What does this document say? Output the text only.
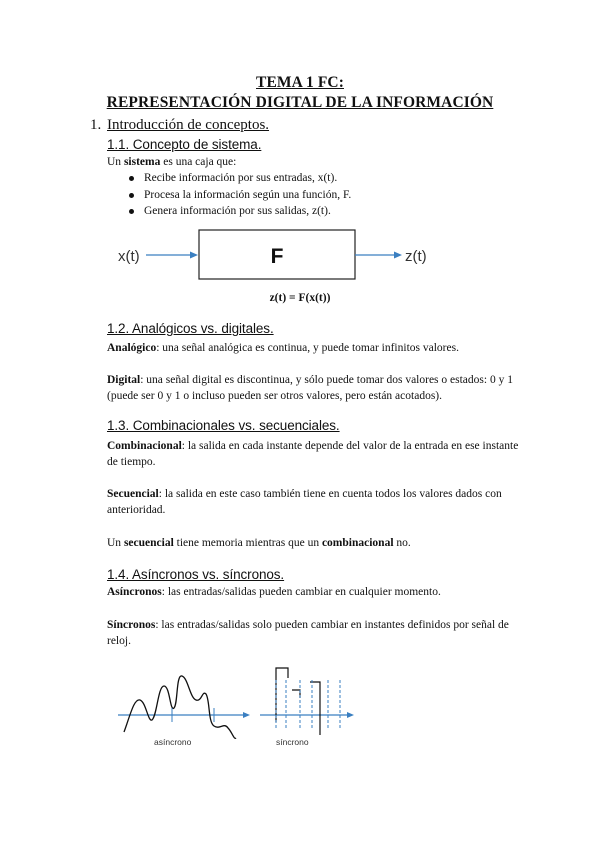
TEMA 1 FC:
REPRESENTACIÓN DIGITAL DE LA INFORMACIÓN
1. Introducción de conceptos.
1.1. Concepto de sistema.
Un sistema es una caja que:
Recibe información por sus entradas, x(t).
Procesa la información según una función, F.
Genera información por sus salidas, z(t).
x(t)	F	z(t)
z(t) = F(x(t))
1.2. Analógicos vs. digitales.
Analógico: una señal analógica es continua, y puede tomar infinitos valores.
Digital: una señal digital es discontinua, y sólo puede tomar dos valores o estados: 0 y 1 (puede ser 0 y 1 o incluso pueden ser otros valores, pero están acotados).
1.3. Combinacionales vs. secuenciales.
Combinacional: la salida en cada instante depende del valor de la entrada en ese instante de tiempo.
Secuencial: la salida en este caso también tiene en cuenta todos los valores dados con anterioridad.
Un secuencial tiene memoria mientras que un combinacional no.
1.4. Asíncronos vs. síncronos.
Asíncronos: las entradas/salidas pueden cambiar en cualquier momento.
Síncronos: las entradas/salidas solo pueden cambiar en instantes definidos por señal de reloj.
asíncrono	síncrono
